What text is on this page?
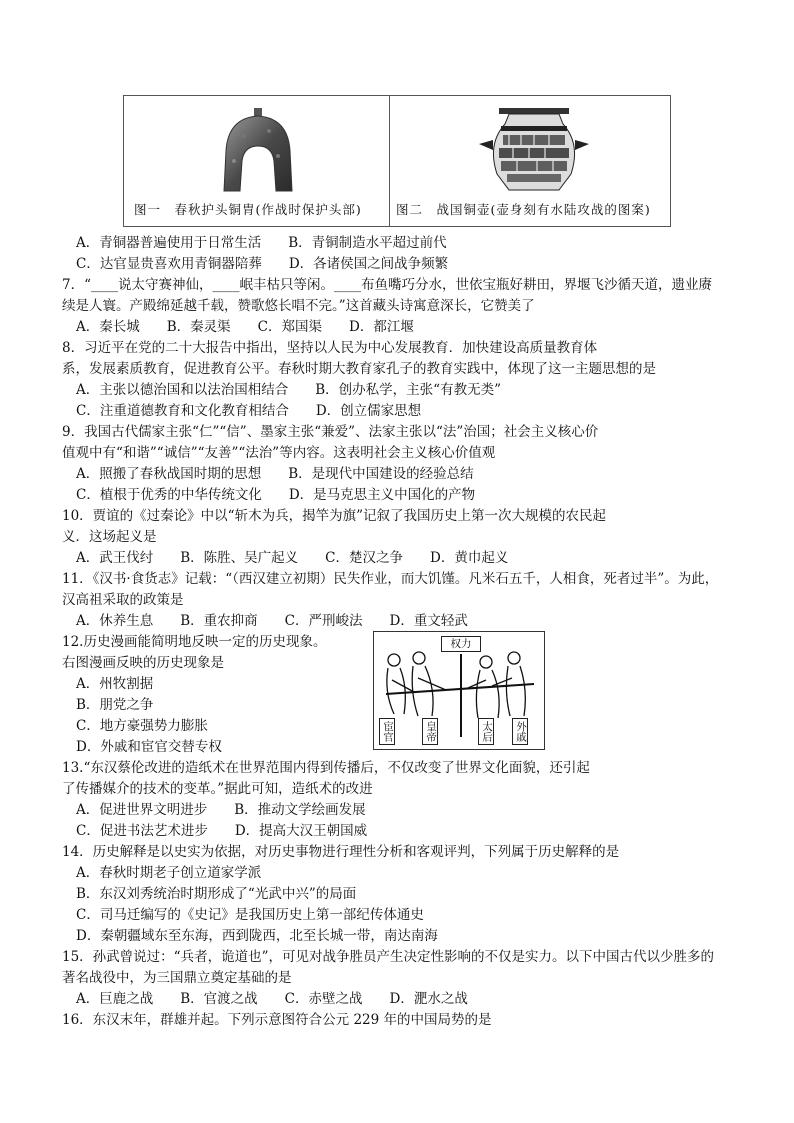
图一　春秋护头铜胄(作战时保护头部)	图二　战国铜壶(壶身刻有水陆攻战的图案)
A．青铜器普遍使用于日常生活　　B．青铜制造水平超过前代
C．达官显贵喜欢用青铜器陪葬　　D．各诸侯国之间战争频繁
7．“____说太守赛神仙，____岷丰枯只等闲。____布鱼嘴巧分水，世依宝瓶好耕田，界堰飞沙循天道，遗业赓
续是人寰。产殿绵延越千载，赞歌悠长唱不完。”这首藏头诗寓意深长，它赞美了
A．秦长城　　B．秦灵渠　　C．郑国渠　　D．都江堰
8．习近平在党的二十大报告中指出，坚持以人民为中心发展教育．加快建设高质量教育体
系，发展素质教育，促进教育公平。春秋时期大教育家孔子的教育实践中，体现了这一主题思想的是
A．主张以德治国和以法治国相结合　　B．创办私学，主张“有教无类”
C．注重道德教育和文化教育相结合　　D．创立儒家思想
9．我国古代儒家主张“仁”“信”、墨家主张“兼爱”、法家主张以“法”治国；社会主义核心价
值观中有“和谐”“诚信”“友善”“法治”等内容。这表明社会主义核心价值观
A．照搬了春秋战国时期的思想　　B．是现代中国建设的经验总结
C．植根于优秀的中华传统文化　　D．是马克思主义中国化的产物
10．贾谊的《过秦论》中以“斩木为兵，揭竿为旗”记叙了我国历史上第一次大规模的农民起
义．这场起义是
A．武王伐纣　　B．陈胜、吴广起义　　C．楚汉之争　　D．黄巾起义
11．《汉书·食货志》记载：“（西汉建立初期）民失作业，而大饥馑。凡米石五千，人相食，死者过半”。为此，
汉高祖采取的政策是
A．休养生息　　B．重农抑商　　C．严刑峻法　　D．重文轻武
12.历史漫画能简明地反映一定的历史现象。
右图漫画反映的历史现象是
A．州牧割据
B．朋党之争
C．地方豪强势力膨胀
D．外戚和宦官交替专权
13.“东汉蔡伦改进的造纸术在世界范围内得到传播后，不仅改变了世界文化面貌，还引起
了传播媒介的技术的变革。”据此可知，造纸术的改进
A．促进世界文明进步　　B．推动文学绘画发展
C．促进书法艺术进步　　D．提高大汉王朝国威
14．历史解释是以史实为依据，对历史事物进行理性分析和客观评判，下列属于历史解释的是
A．春秋时期老子创立道家学派
B．东汉刘秀统治时期形成了“光武中兴”的局面
C．司马迁编写的《史记》是我国历史上第一部纪传体通史
D．秦朝疆域东至东海，西到陇西，北至长城一带，南达南海
15．孙武曾说过：“兵者，诡道也”，可见对战争胜员产生决定性影响的不仅是实力。以下中国古代以少胜多的
著名战役中，为三国鼎立奠定基础的是
A．巨鹿之战　　B．官渡之战　　C．赤壁之战　　D．淝水之战
16．东汉末年，群雄并起。下列示意图符合公元 229 年的中国局势的是
权力
宦官	皇帝	太后 外戚
